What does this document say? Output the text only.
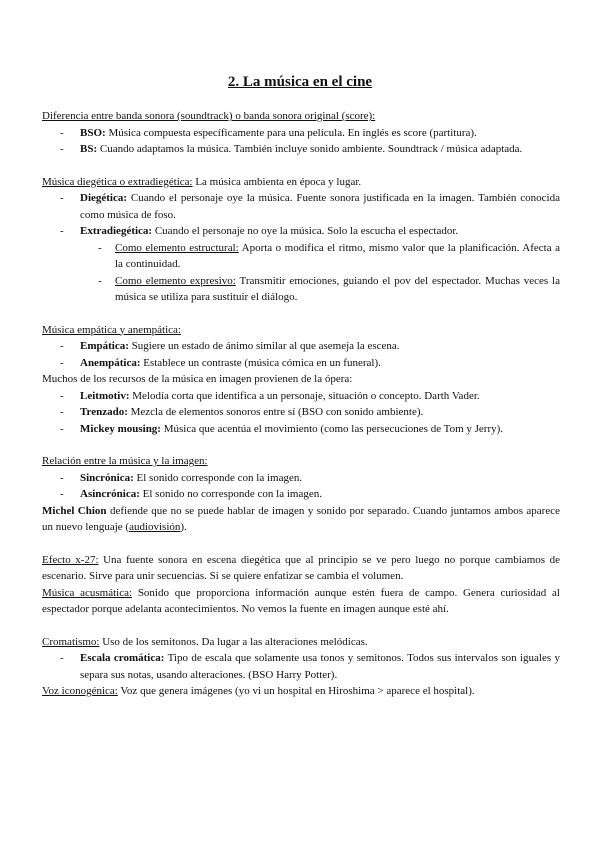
2. La música en el cine

Diferencia entre banda sonora (soundtrack) o banda sonora original (score):

- BSO: Música compuesta específicamente para una película. En inglés es score (partitura).
- BS: Cuando adaptamos la música. También incluye sonido ambiente. Soundtrack / música adaptada.

Música diegética o extradiegética: La música ambienta en época y lugar.

- Diegética: Cuando el personaje oye la música. Fuente sonora justificada en la imagen. También conocida como música de foso.
- Extradiegética: Cuando el personaje no oye la música. Solo la escucha el espectador.
- Como elemento estructural: Aporta o modifica el ritmo, mismo valor que la planificación. Afecta a la continuidad.
- Como elemento expresivo: Transmitir emociones, guiando el pov del espectador. Muchas veces la música se utiliza para sustituir el diálogo.

Música empática y anempática:

- Empática: Sugiere un estado de ánimo similar al que asemeja la escena.
- Anempática: Establece un contraste (música cómica en un funeral).

Muchos de los recursos de la música en imagen provienen de la ópera:

- Leitmotiv: Melodía corta que identifica a un personaje, situación o concepto. Darth Vader.
- Trenzado: Mezcla de elementos sonoros entre sí (BSO con sonido ambiente).
- Mickey mousing: Música que acentúa el movimiento (como las persecuciones de Tom y Jerry).

Relación entre la música y la imagen:

- Sincrónica: El sonido corresponde con la imagen.
- Asincrónica: El sonido no corresponde con la imagen.

Michel Chion defiende que no se puede hablar de imagen y sonido por separado. Cuando juntamos ambos aparece un nuevo lenguaje (audiovisión).

Efecto x-27: Una fuente sonora en escena diegética que al principio se ve pero luego no porque cambiamos de escenario. Sirve para unir secuencias. Si se quiere enfatizar se cambia el volumen.

Música acusmática: Sonido que proporciona información aunque estén fuera de campo. Genera curiosidad al espectador porque adelanta acontecimientos. No vemos la fuente en imagen aunque esté ahí.

Cromatismo: Uso de los semitonos. Da lugar a las alteraciones melódicas.

- Escala cromática: Tipo de escala que solamente usa tonos y semitonos. Todos sus intervalos son iguales y separa sus notas, usando alteraciones. (BSO Harry Potter).

Voz iconogénica: Voz que genera imágenes (yo vi un hospital en Hiroshima > aparece el hospital).
